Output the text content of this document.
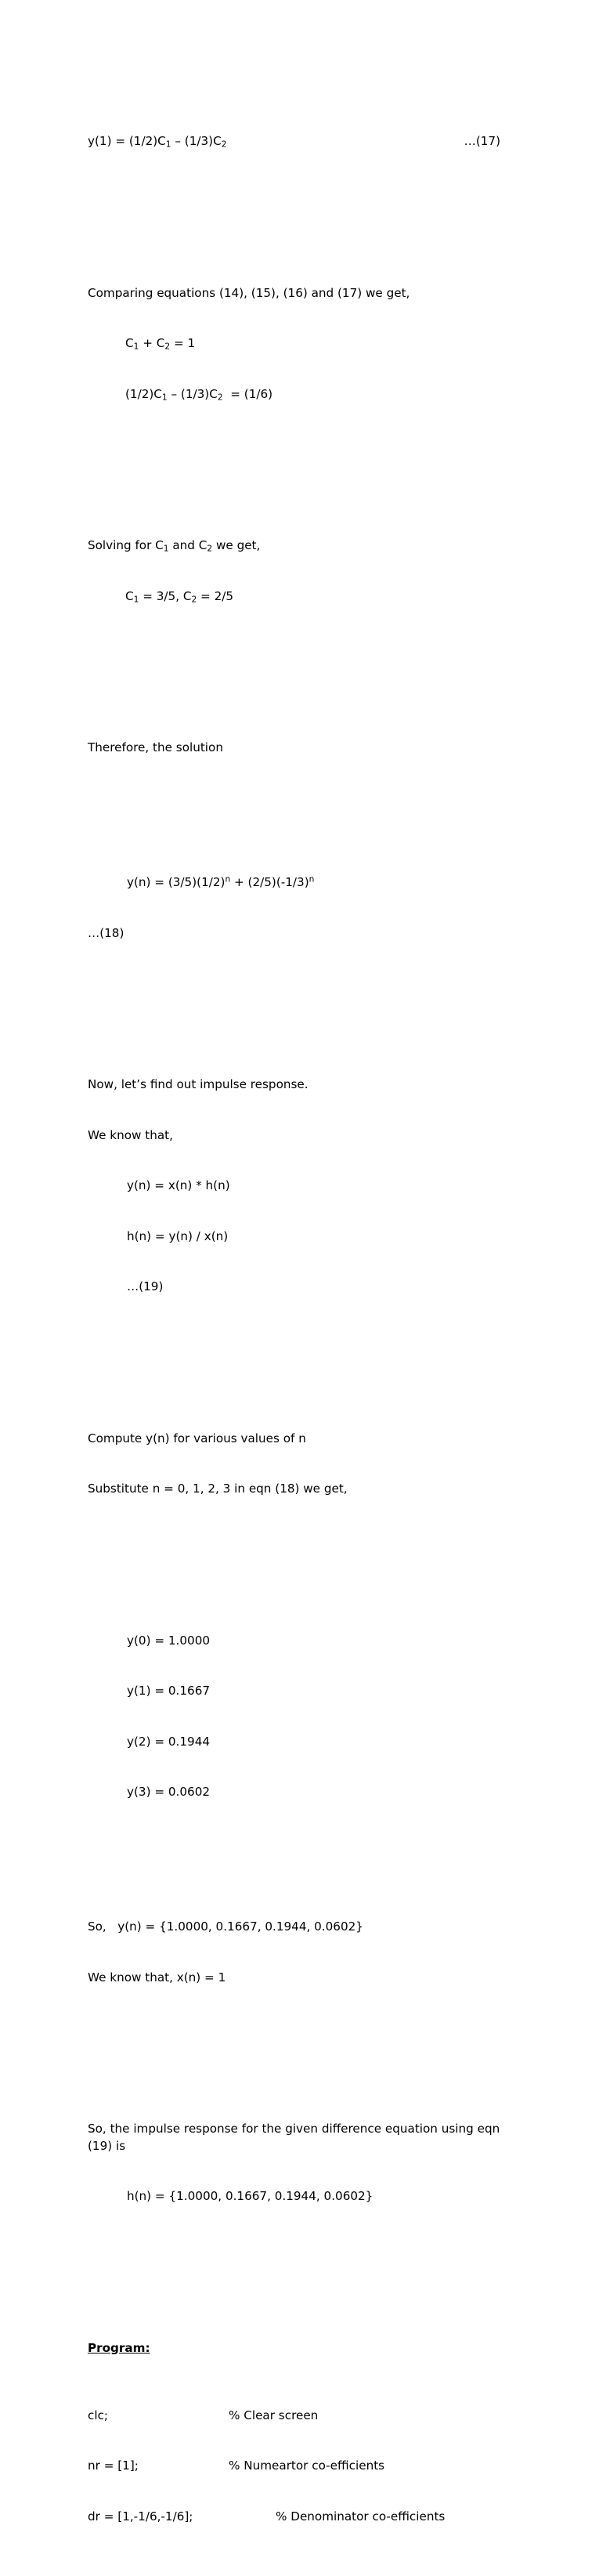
$y(1) = (1/2)C_1 - (1/3)C_2$	…(17)

Comparing equations (14), (15), (16) and (17) we get,

$C_1 + C_2 = 1$

$(1/2)C_1 - (1/3)C_2 = (1/6)$

Solving for $C_1$ and $C_2$ we get,

$C_1 = 3/5$, $C_2 = 2/5$

Therefore, the solution

$y(n) = (3/5)(1/2)^n + (2/5)(-1/3)^n$

…(18)

Now, let’s find out impulse response.

We know that,

y(n) = x(n) * h(n)

h(n) = y(n) / x(n)

…(19)

Compute y(n) for various values of n

Substitute n = 0, 1, 2, 3 in eqn (18) we get,

y(0) = 1.0000

y(1) = 0.1667

y(2) = 0.1944

y(3) = 0.0602

So,   y(n) = {1.0000, 0.1667, 0.1944, 0.0602}

We know that, x(n) = 1

So, the impulse response for the given difference equation using eqn (19) is

h(n) = {1.0000, 0.1667, 0.1944, 0.0602}

Program:

clc;	% Clear screen

nr = [1];	% Numeartor co-efficients

dr = [1,-1/6,-1/6];	% Denominator co-efficients
